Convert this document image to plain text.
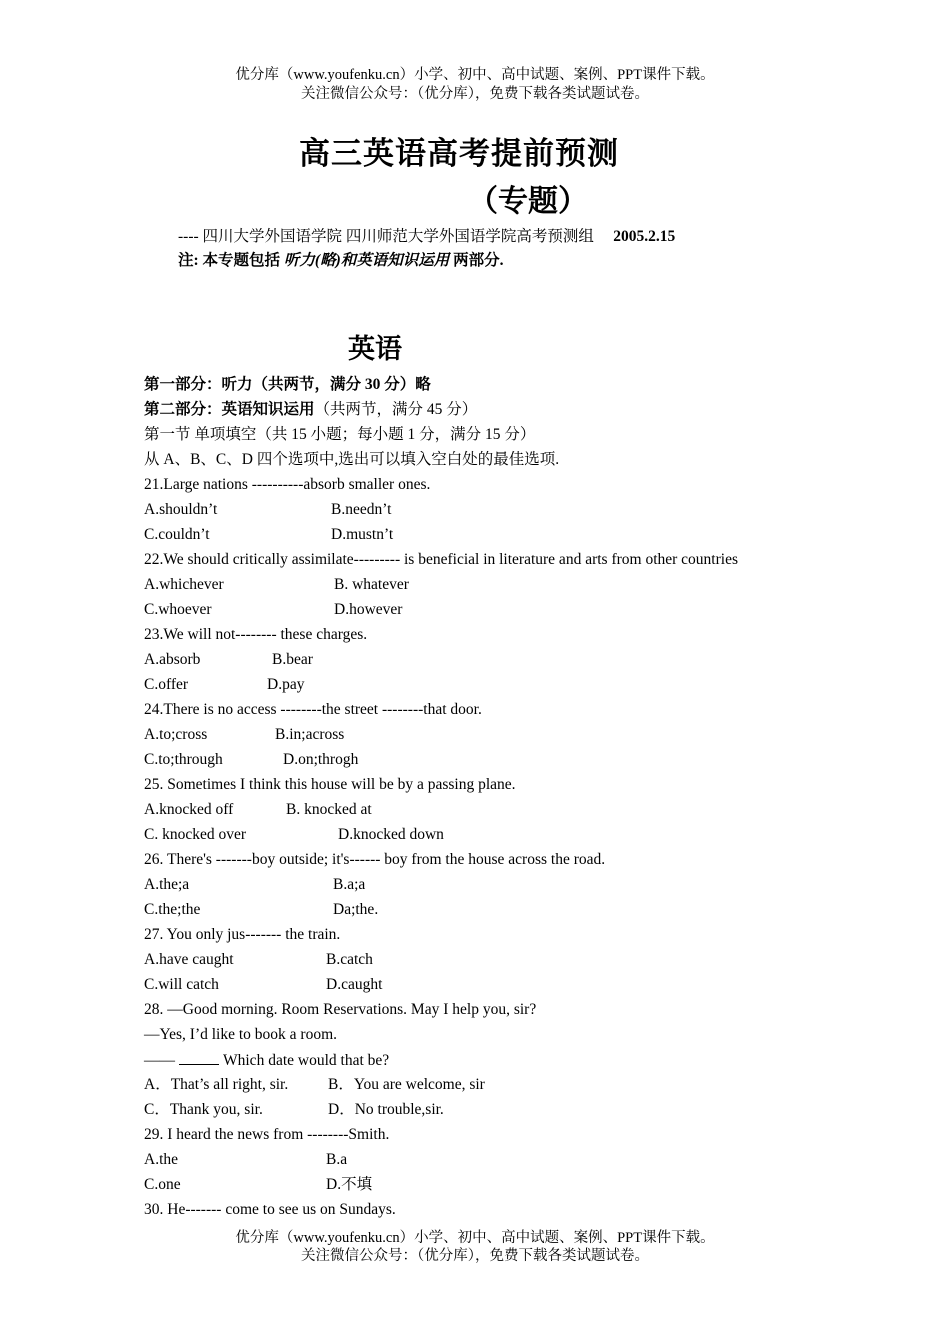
优分库（www.youfenku.cn）小学、初中、高中试题、案例、PPT课件下载。
关注微信公众号：（优分库），免费下载各类试题试卷。
高三英语高考提前预测
（专题）
---- 四川大学外国语学院 四川师范大学外国语学院高考预测组 2005.2.15
注: 本专题包括 听力(略)和英语知识运用 两部分.
英语
第一部分：听力（共两节，满分 30 分）略
第二部分：英语知识运用（共两节，满分 45 分）
第一节 单项填空（共 15 小题；每小题 1 分，满分 15 分）
从 A、B、C、D 四个选项中,选出可以填入空白处的最佳选项.
21.Large nations ----------absorb smaller ones.
A.shouldn’t	B.needn’t
C.couldn’t	D.mustn’t
22.We should critically assimilate--------- is beneficial in literature and arts from other countries
A.whichever	B. whatever
C.whoever	D.however
23.We will not-------- these charges.
A.absorb	B.bear
C.offer	D.pay
24.There is no access --------the street --------that door.
A.to;cross	B.in;across
C.to;through	D.on;throgh
25. Sometimes I think this house will be by a passing plane.
A.knocked off	B. knocked at
C. knocked over	D.knocked down
26. There's -------boy outside; it's------ boy from the house across the road.
A.the;a	B.a;a
C.the;the	Da;the.
27. You only jus------- the train.
A.have caught	B.catch
C.will catch	D.caught
28. —Good morning. Room Reservations. May I help you, sir?
—Yes, I’d like to book a room.
——	Which date would that be?
A．That’s all right, sir.	B．You are welcome, sir
C．Thank you, sir.	D．No trouble,sir.
29. I heard the news from --------Smith.
A.the	B.a
C.one	D.不填
30. He------- come to see us on Sundays.
优分库（www.youfenku.cn）小学、初中、高中试题、案例、PPT课件下载。
关注微信公众号：（优分库），免费下载各类试题试卷。
